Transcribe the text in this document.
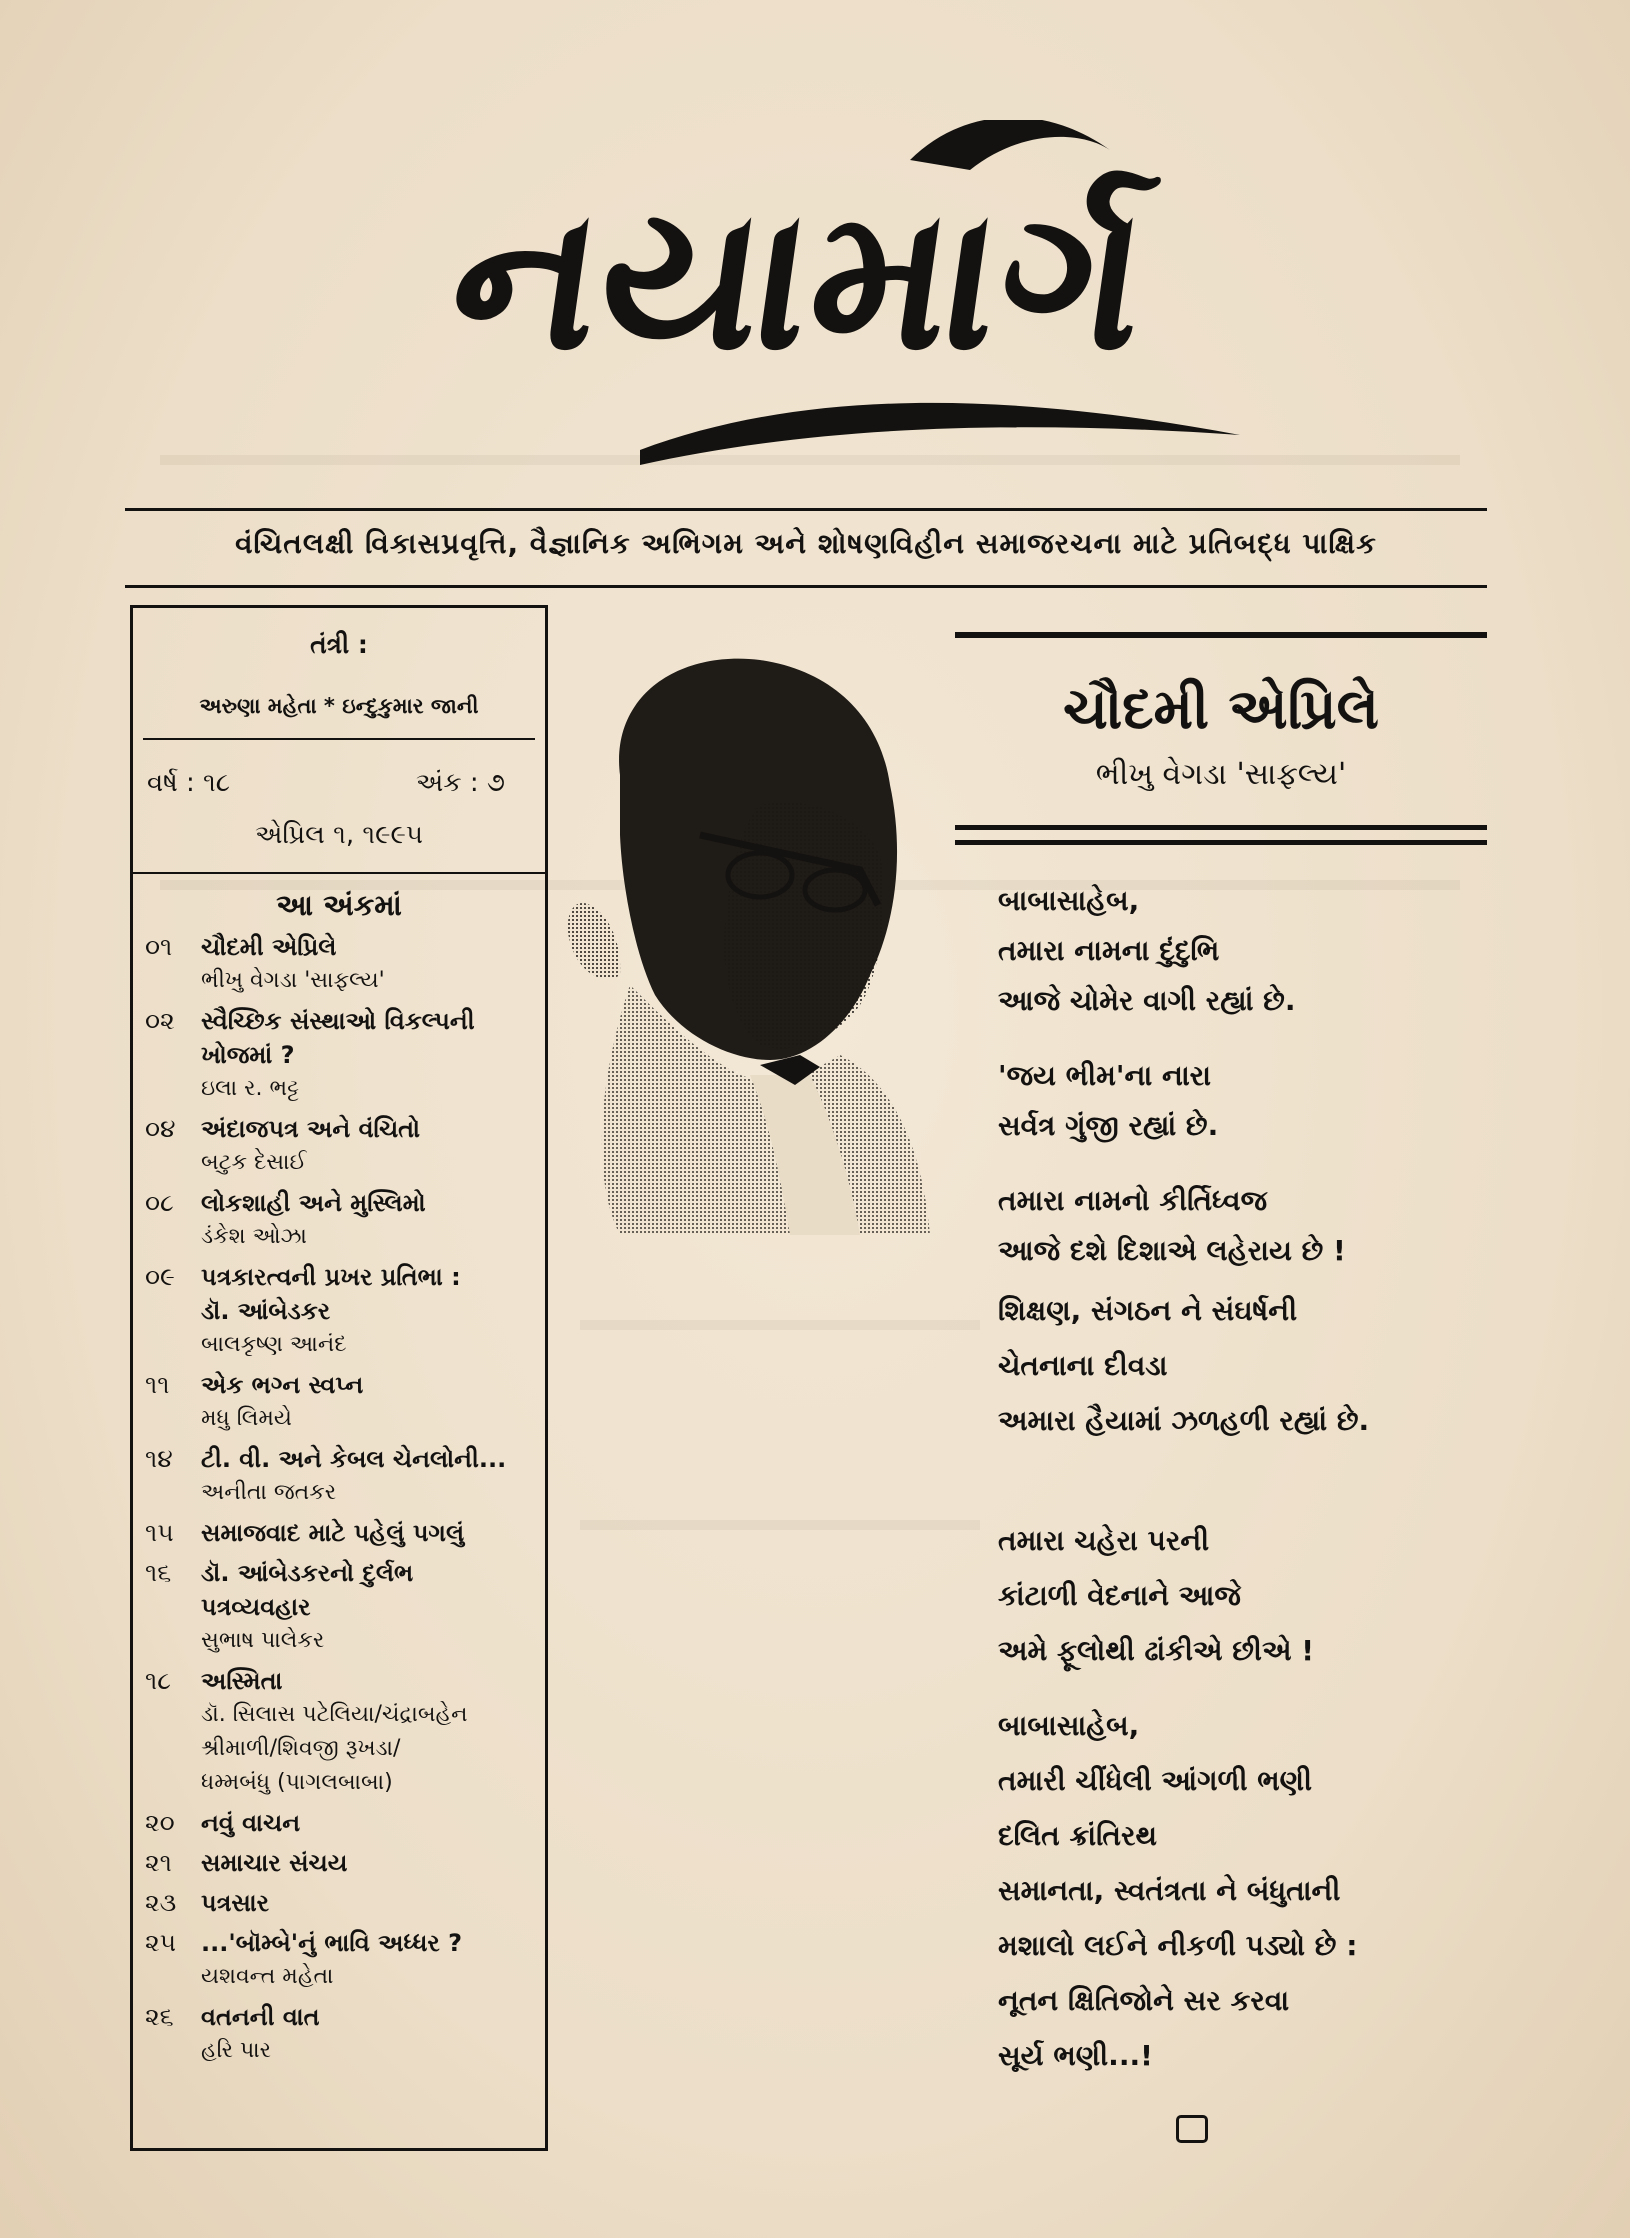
નયામાર્ગ
વંચિતલક્ષી વિકાસપ્રવૃત્તિ, વૈજ્ઞાનિક અભિગમ અને શોષણવિહીન સમાજરચના માટે પ્રતિબદ્ધ પાક્ષિક
તંત્રી :
અરુણા મહેતા * ઇન્દુકુમાર જાની
વર્ષ : ૧૮	અંક : ૭
એપ્રિલ ૧, ૧૯૯૫
આ અંકમાં
૦૧	ચૌદમી એપ્રિલે
ભીખુ વેગડા 'સાફલ્ય'
૦૨	સ્વૈચ્છિક સંસ્થાઓ વિકલ્પની
ખોજમાં ?
ઇલા ર. ભટ્ટ
૦૪	અંદાજપત્ર અને વંચિતો
બટુક દેસાઈ
૦૮	લોકશાહી અને મુસ્લિમો
ડંકેશ ઓઝા
૦૯	પત્રકારત્વની પ્રખર પ્રતિભા :
ડૉ. આંબેડકર
બાલકૃષ્ણ આનંદ
૧૧	એક ભગ્ન સ્વપ્ન
મધુ લિમયે
૧૪	ટી. વી. અને કેબલ ચેનલોની...
અનીતા જતકર
૧૫	સમાજવાદ માટે પહેલું પગલું
૧૬	ડૉ. આંબેડકરનો દુર્લભ
પત્રવ્યવહાર
સુભાષ પાલેકર
૧૮	અસ્મિતા
ડૉ. સિલાસ પટેલિયા/ચંદ્રાબહેન
શ્રીમાળી/શિવજી રૂખડા/
ધમ્મબંધુ (પાગલબાબા)
૨૦	નવું વાચન
૨૧	સમાચાર સંચય
૨૩	પત્રસાર
૨૫	...'બૉમ્બે'નું ભાવિ અધ્ધર ?
યશવન્ત મહેતા
૨૬	વતનની વાત
હરિ પાર
ચૌદમી એપ્રિલે
ભીખુ વેગડા 'સાફલ્ય'
બાબાસાહેબ,
તમારા નામના દુંદુભિ
આજે ચોમેર વાગી રહ્યાં છે.
'જય ભીમ'ના નારા
સર્વત્ર ગુંજી રહ્યાં છે.
તમારા નામનો કીર્તિધ્વજ
આજે દશે દિશાએ લહેરાય છે !
શિક્ષણ, સંગઠન ને સંઘર્ષની
ચેતનાના દીવડા
અમારા હૈયામાં ઝળહળી રહ્યાં છે.
તમારા ચહેરા પરની
કાંટાળી વેદનાને આજે
અમે ફૂલોથી ઢાંકીએ છીએ !
બાબાસાહેબ,
તમારી ચીંધેલી આંગળી ભણી
દલિત ક્રાંતિરથ
સમાનતા, સ્વતંત્રતા ને બંધુતાની
મશાલો લઈને નીકળી પડ્યો છે :
નૂતન ક્ષિતિજોને સર કરવા
સૂર્ય ભણી...!
